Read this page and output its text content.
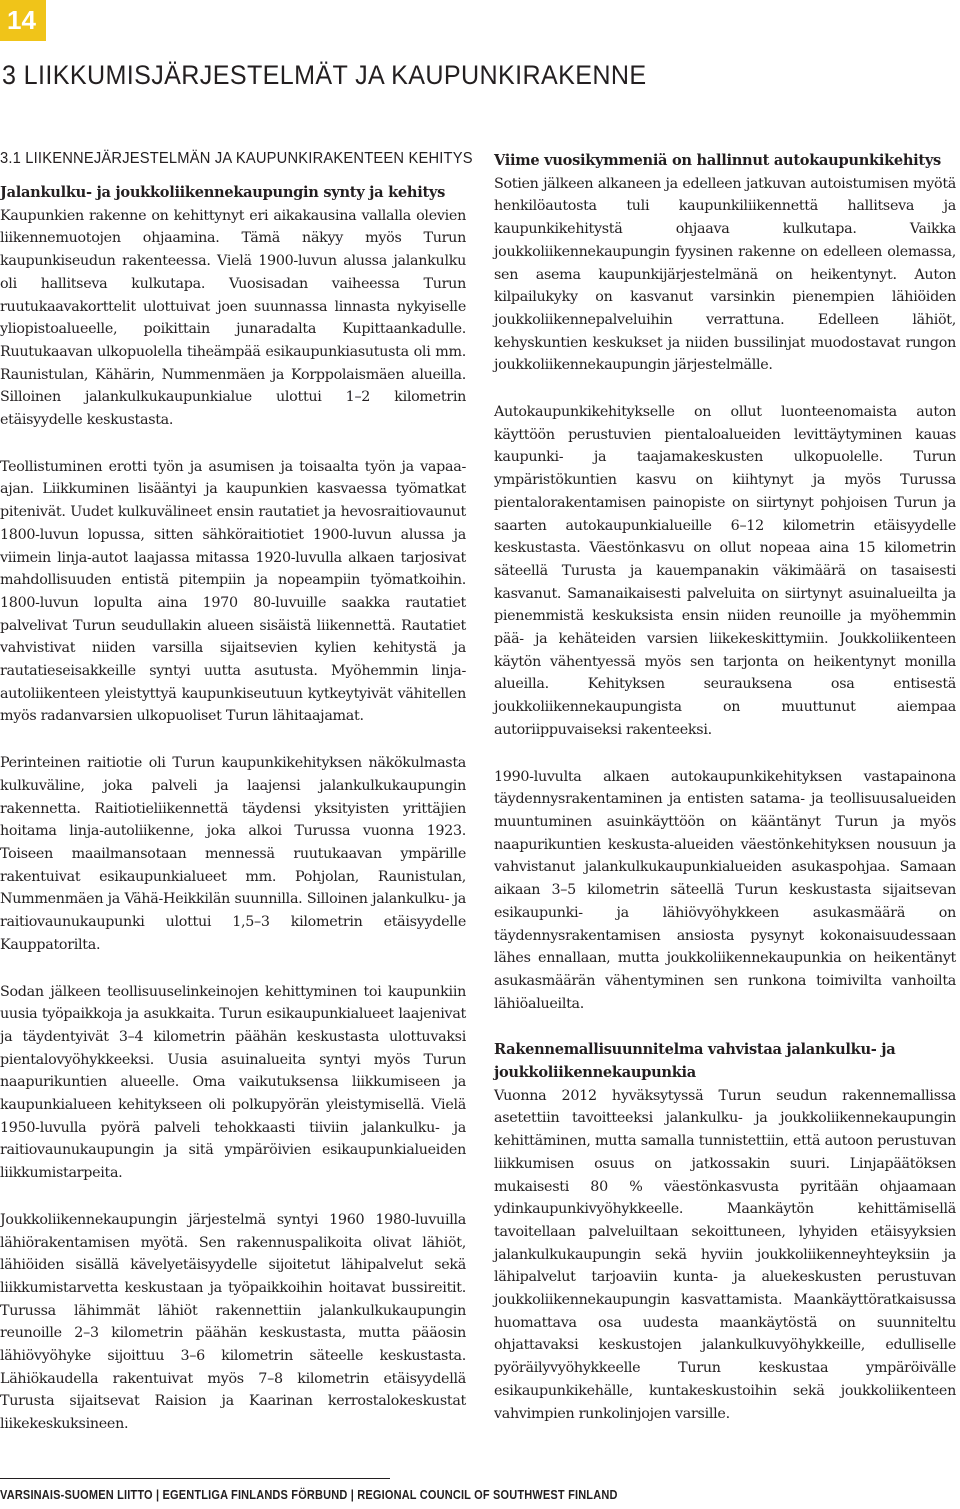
14
3 LIIKKUMISJÄRJESTELMÄT JA KAUPUNKIRAKENNE
3.1 LIIKENNEJÄRJESTELMÄN JA KAUPUNKIRAKENTEEN KEHITYS
Jalankulku- ja joukkoliikennekaupungin synty ja kehitys

Kaupunkien rakenne on kehittynyt eri aikakausina vallalla olevien liikennemuotojen ohjaamina. Tämä näkyy myös Turun kaupunkiseudun rakenteessa. Vielä 1900-luvun alussa jalankulku oli hallitseva kulkutapa. Vuosisadan vaiheessa Turun ruutukaavakorttelit ulottuivat joen suunnassa linnasta nykyiselle yliopistoalueelle, poikittain junaradalta Kupittaankadulle. Ruutukaavan ulkopuolella tiheämpää esikaupunkiasutusta oli mm. Raunistulan, Kähärin, Nummenmäen ja Korppolaismäen alueilla. Silloinen jalankulkukaupunkialue ulottui 1–2 kilometrin etäisyydelle keskustasta.

Teollistuminen erotti työn ja asumisen ja toisaalta työn ja vapaa-ajan. Liikkuminen lisääntyi ja kaupunkien kasvaessa työmatkat pitenivät. Uudet kulkuvälineet ensin rautatiet ja hevosraitiovaunut 1800-luvun lopussa, sitten sähköraitiotiet 1900-luvun alussa ja viimein linja-autot laajassa mitassa 1920-luvulla alkaen tarjosivat mahdollisuuden entistä pitempiin ja nopeampiin työmatkoihin. 1800-luvun lopulta aina 1970 80-luvuille saakka rautatiet palvelivat Turun seudullakin alueen sisäistä liikennettä. Rautatiet vahvistivat niiden varsilla sijaitsevien kylien kehitystä ja rautatieseisakkeille syntyi uutta asutusta. Myöhemmin linja-autoliikenteen yleistyttyä kaupunkiseutuun kytkeytyivät vähitellen myös radanvarsien ulkopuoliset Turun lähitaajamat.

Perinteinen raitiotie oli Turun kaupunkikehityksen näkökulmasta kulkuväline, joka palveli ja laajensi jalankulkukaupungin rakennetta. Raitiotieliikennettä täydensi yksityisten yrittäjien hoitama linja-autoliikenne, joka alkoi Turussa vuonna 1923. Toiseen maailmansotaan mennessä ruutukaavan ympärille rakentuivat esikaupunkialueet mm. Pohjolan, Raunistulan, Nummenmäen ja Vähä-Heikkilän suunnilla. Silloinen jalankulku- ja raitiovaunukaupunki ulottui 1,5–3 kilometrin etäisyydelle Kauppatorilta.

Sodan jälkeen teollisuuselinkeinojen kehittyminen toi kaupunkiin uusia työpaikkoja ja asukkaita. Turun esikaupunkialueet laajenivat ja täydentyivät 3–4 kilometrin päähän keskustasta ulottuvaksi pientalovyöhykkeeksi. Uusia asuinalueita syntyi myös Turun naapurikuntien alueelle. Oma vaikutuksensa liikkumiseen ja kaupunkialueen kehitykseen oli polkupyörän yleistymisellä. Vielä 1950-luvulla pyörä palveli tehokkaasti tiiviin jalankulku- ja raitiovaunukaupungin ja sitä ympäröivien esikaupunkialueiden liikkumistarpeita.

Joukkoliikennekaupungin järjestelmä syntyi 1960 1980-luvuilla lähiörakentamisen myötä. Sen rakennuspalikoita olivat lähiöt, lähiöiden sisällä kävelyetäisyydelle sijoitetut lähipalvelut sekä liikkumistarvetta keskustaan ja työpaikkoihin hoitavat bussireitit. Turussa lähimmät lähiöt rakennettiin jalankulkukaupungin reunoille 2–3 kilometrin päähän keskustasta, mutta pääosin lähiövyöhyke sijoittuu 3–6 kilometrin säteelle keskustasta. Lähiökaudella rakentuivat myös 7–8 kilometrin etäisyydellä Turusta sijaitsevat Raision ja Kaarinan kerrostalokeskustat liikekeskuksineen.

Viime vuosikymmeniä on hallinnut autokaupunkikehitys

Sotien jälkeen alkaneen ja edelleen jatkuvan autoistumisen myötä henkilöautosta tuli kaupunkiliikennettä hallitseva ja kaupunkikehitystä ohjaava kulkutapa. Vaikka joukkoliikennekaupungin fyysinen rakenne on edelleen olemassa, sen asema kaupunkijärjestelmänä on heikentynyt. Auton kilpailukyky on kasvanut varsinkin pienempien lähiöiden joukkoliikennepalveluihin verrattuna. Edelleen lähiöt, kehyskuntien keskukset ja niiden bussilinjat muodostavat rungon joukkoliikennekaupungin järjestelmälle.

Autokaupunkikehitykselle on ollut luonteenomaista auton käyttöön perustuvien pientaloalueiden levittäytyminen kauas kaupunki- ja taajamakeskusten ulkopuolelle. Turun ympäristökuntien kasvu on kiihtynyt ja myös Turussa pientalorakentamisen painopiste on siirtynyt pohjoisen Turun ja saarten autokaupunkialueille 6–12 kilometrin etäisyydelle keskustasta. Väestönkasvu on ollut nopeaa aina 15 kilometrin säteellä Turusta ja kauempanakin väkimäärä on tasaisesti kasvanut. Samanaikaisesti palveluita on siirtynyt asuinalueilta ja pienemmistä keskuksista ensin niiden reunoille ja myöhemmin pää- ja kehäteiden varsien liikekeskittymiin. Joukkoliikenteen käytön vähentyessä myös sen tarjonta on heikentynyt monilla alueilla. Kehityksen seurauksena osa entisestä joukkoliikennekaupungista on muuttunut aiempaa autoriippuvaiseksi rakenteeksi.

1990-luvulta alkaen autokaupunkikehityksen vastapainona täydennysrakentaminen ja entisten satama- ja teollisuusalueiden muuntuminen asuinkäyttöön on kääntänyt Turun ja myös naapurikuntien keskusta-alueiden väestönkehityksen nousuun ja vahvistanut jalankulkukaupunkialueiden asukaspohjaa. Samaan aikaan 3–5 kilometrin säteellä Turun keskustasta sijaitsevan esikaupunki- ja lähiövyöhykkeen asukasmäärä on täydennysrakentamisen ansiosta pysynyt kokonaisuudessaan lähes ennallaan, mutta joukkoliikennekaupunkia on heikentänyt asukasmäärän vähentyminen sen runkona toimivilta vanhoilta lähiöalueilta.

Rakennemallisuunnitelma vahvistaa jalankulku- ja joukkoliikennekaupunkia

Vuonna 2012 hyväksytyssä Turun seudun rakennemallissa asetettiin tavoitteeksi jalankulku- ja joukkoliikennekaupungin kehittäminen, mutta samalla tunnistettiin, että autoon perustuvan liikkumisen osuus on jatkossakin suuri. Linjapäätöksen mukaisesti 80 % väestönkasvusta pyritään ohjaamaan ydinkaupunkivyöhykkeelle. Maankäytön kehittämisellä tavoitellaan palveluiltaan sekoittuneen, lyhyiden etäisyyksien jalankulkukaupungin sekä hyviin joukkoliikenneyhteyksiin ja lähipalvelut tarjoaviin kunta- ja aluekeskusten perustuvan joukkoliikennekaupungin kasvattamista. Maankäyttöratkaisussa huomattava osa uudesta maankäytöstä on suunniteltu ohjattavaksi keskustojen jalankulkuvyöhykkeille, edulliselle pyöräilyvyöhykkeelle Turun keskustaa ympäröivälle esikaupunkikehälle, kuntakeskustoihin sekä joukkoliikenteen vahvimpien runkolinjojen varsille.

VARSINAIS-SUOMEN LIITTO | EGENTLIGA FINLANDS FÖRBUND | REGIONAL COUNCIL OF SOUTHWEST FINLAND
